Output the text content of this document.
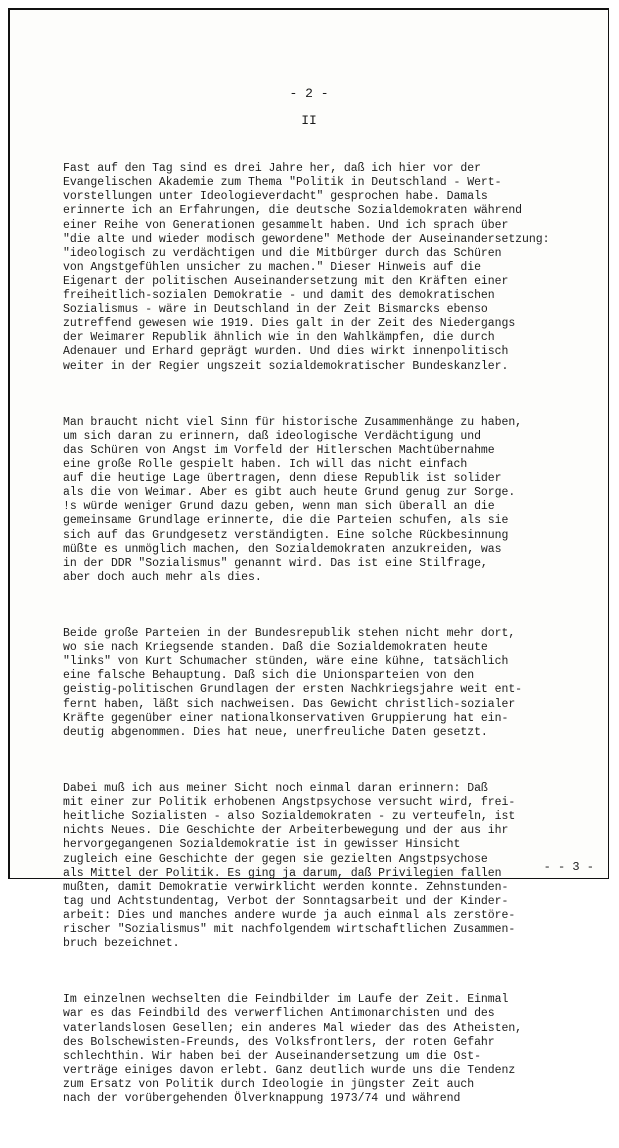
- 2 -
II

Fast auf den Tag sind es drei Jahre her, daß ich hier vor der
Evangelischen Akademie zum Thema "Politik in Deutschland - Wert-
vorstellungen unter Ideologieverdacht" gesprochen habe. Damals
erinnerte ich an Erfahrungen, die deutsche Sozialdemokraten während
einer Reihe von Generationen gesammelt haben. Und ich sprach über
"die alte und wieder modisch gewordene" Methode der Auseinandersetzung:
"ideologisch zu verdächtigen und die Mitbürger durch das Schüren
von Angstgefühlen unsicher zu machen." Dieser Hinweis auf die
Eigenart der politischen Auseinandersetzung mit den Kräften einer
freiheitlich-sozialen Demokratie - und damit des demokratischen
Sozialismus - wäre in Deutschland in der Zeit Bismarcks ebenso
zutreffend gewesen wie 1919. Dies galt in der Zeit des Niedergangs
der Weimarer Republik ähnlich wie in den Wahlkämpfen, die durch
Adenauer und Erhard geprägt wurden. Und dies wirkt innenpolitisch
weiter in der Regier ungszeit sozialdemokratischer Bundeskanzler.

Man braucht nicht viel Sinn für historische Zusammenhänge zu haben,
um sich daran zu erinnern, daß ideologische Verdächtigung und
das Schüren von Angst im Vorfeld der Hitlerschen Machtübernahme
eine große Rolle gespielt haben. Ich will das nicht einfach
auf die heutige Lage übertragen, denn diese Republik ist solider
als die von Weimar. Aber es gibt auch heute Grund genug zur Sorge.
!s würde weniger Grund dazu geben, wenn man sich überall an die
gemeinsame Grundlage erinnerte, die die Parteien schufen, als sie
sich auf das Grundgesetz verständigten. Eine solche Rückbesinnung
müßte es unmöglich machen, den Sozialdemokraten anzukreiden, was
in der DDR "Sozialismus" genannt wird. Das ist eine Stilfrage,
aber doch auch mehr als dies.

Beide große Parteien in der Bundesrepublik stehen nicht mehr dort,
wo sie nach Kriegsende standen. Daß die Sozialdemokraten heute
"links" von Kurt Schumacher stünden, wäre eine kühne, tatsächlich
eine falsche Behauptung. Daß sich die Unionsparteien von den
geistig-politischen Grundlagen der ersten Nachkriegsjahre weit ent-
fernt haben, läßt sich nachweisen. Das Gewicht christlich-sozialer
Kräfte gegenüber einer nationalkonservativen Gruppierung hat ein-
deutig abgenommen. Dies hat neue, unerfreuliche Daten gesetzt.

Dabei muß ich aus meiner Sicht noch einmal daran erinnern: Daß
mit einer zur Politik erhobenen Angstpsychose versucht wird, frei-
heitliche Sozialisten - also Sozialdemokraten - zu verteufeln, ist
nichts Neues. Die Geschichte der Arbeiterbewegung und der aus ihr
hervorgegangenen Sozialdemokratie ist in gewisser Hinsicht
zugleich eine Geschichte der gegen sie gezielten Angstpsychose
als Mittel der Politik. Es ging ja darum, daß Privilegien fallen
mußten, damit Demokratie verwirklicht werden konnte. Zehnstunden-
tag und Achtstundentag, Verbot der Sonntagsarbeit und der Kinder-
arbeit: Dies und manches andere wurde ja auch einmal als zerstöre-
rischer "Sozialismus" mit nachfolgendem wirtschaftlichen Zusammen-
bruch bezeichnet.

Im einzelnen wechselten die Feindbilder im Laufe der Zeit. Einmal
war es das Feindbild des verwerflichen Antimonarchisten und des
vaterlandslosen Gesellen; ein anderes Mal wieder das des Atheisten,
des Bolschewisten-Freunds, des Volksfrontlers, der roten Gefahr
schlechthin. Wir haben bei der Auseinandersetzung um die Ost-
verträge einiges davon erlebt. Ganz deutlich wurde uns die Tendenz
zum Ersatz von Politik durch Ideologie in jüngster Zeit auch
nach der vorübergehenden Ölverknappung 1973/74 und während

- - 3 -
